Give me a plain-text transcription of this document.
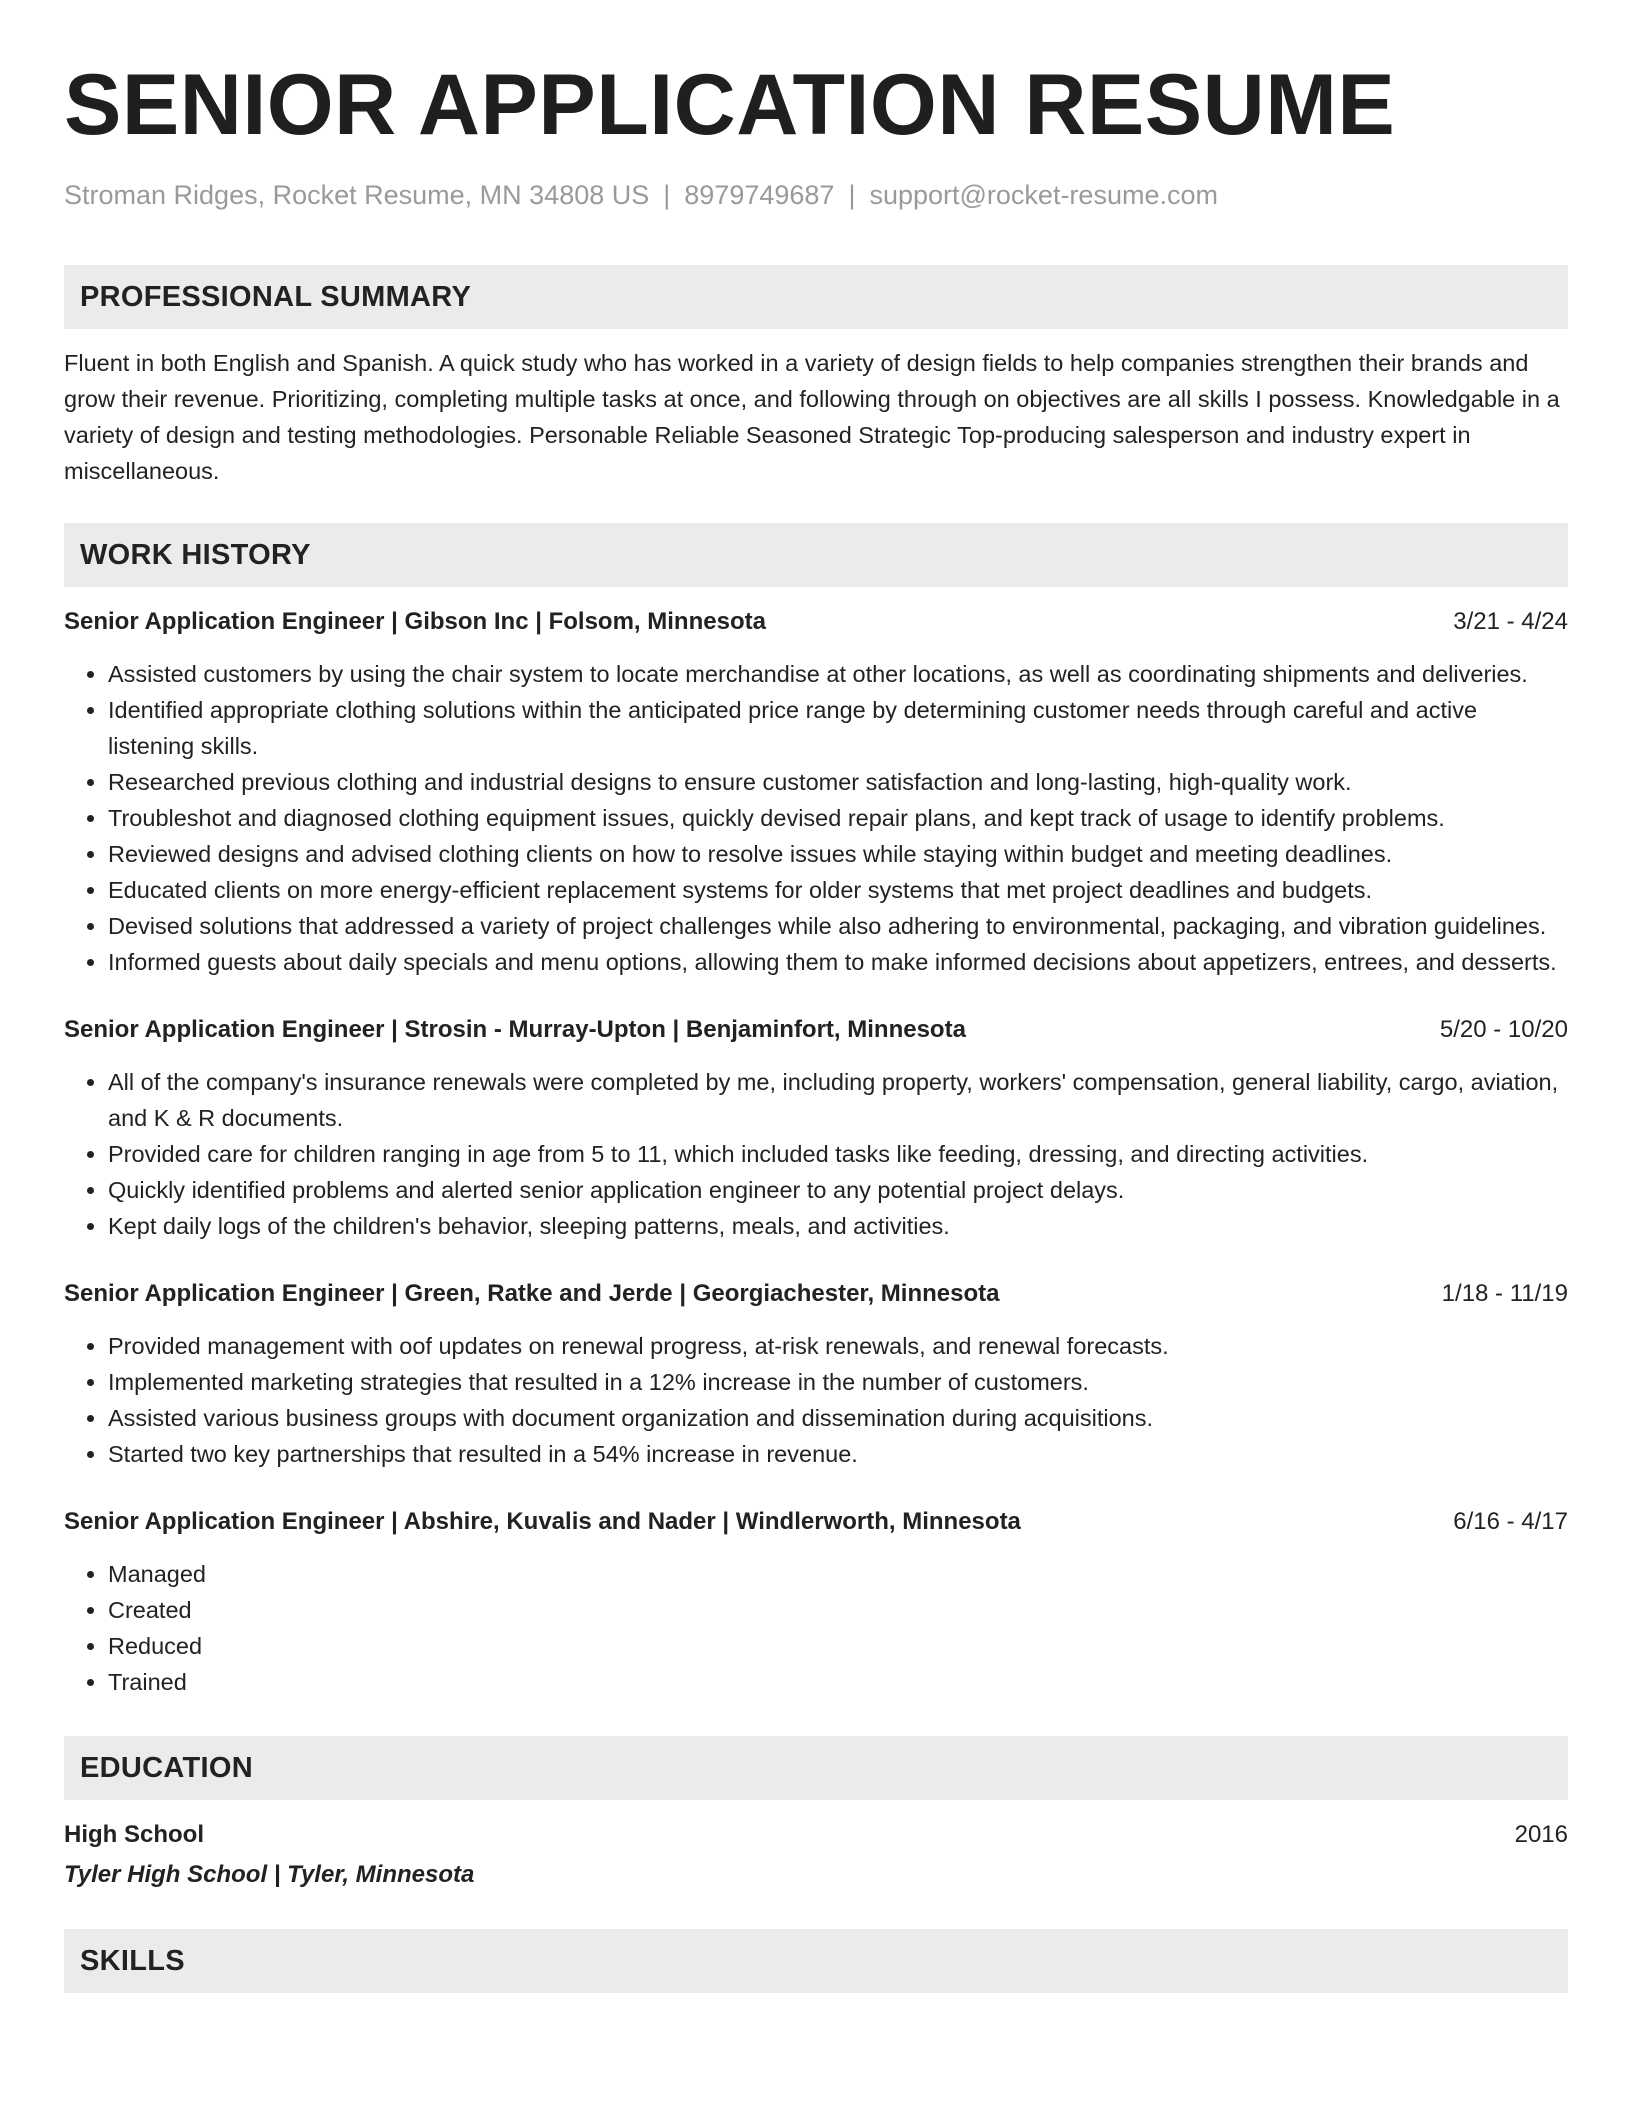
SENIOR APPLICATION RESUME
Stroman Ridges, Rocket Resume, MN 34808 US | 8979749687 | support@rocket-resume.com
PROFESSIONAL SUMMARY
Fluent in both English and Spanish. A quick study who has worked in a variety of design fields to help companies strengthen their brands and grow their revenue. Prioritizing, completing multiple tasks at once, and following through on objectives are all skills I possess. Knowledgable in a variety of design and testing methodologies. Personable Reliable Seasoned Strategic Top-producing salesperson and industry expert in miscellaneous.
WORK HISTORY
Senior Application Engineer | Gibson Inc | Folsom, Minnesota	3/21 - 4/24
• Assisted customers by using the chair system to locate merchandise at other locations, as well as coordinating shipments and deliveries.
• Identified appropriate clothing solutions within the anticipated price range by determining customer needs through careful and active listening skills.
• Researched previous clothing and industrial designs to ensure customer satisfaction and long-lasting, high-quality work.
• Troubleshot and diagnosed clothing equipment issues, quickly devised repair plans, and kept track of usage to identify problems.
• Reviewed designs and advised clothing clients on how to resolve issues while staying within budget and meeting deadlines.
• Educated clients on more energy-efficient replacement systems for older systems that met project deadlines and budgets.
• Devised solutions that addressed a variety of project challenges while also adhering to environmental, packaging, and vibration guidelines.
• Informed guests about daily specials and menu options, allowing them to make informed decisions about appetizers, entrees, and desserts.
Senior Application Engineer | Strosin - Murray-Upton | Benjaminfort, Minnesota	5/20 - 10/20
• All of the company's insurance renewals were completed by me, including property, workers' compensation, general liability, cargo, aviation, and K & R documents.
• Provided care for children ranging in age from 5 to 11, which included tasks like feeding, dressing, and directing activities.
• Quickly identified problems and alerted senior application engineer to any potential project delays.
• Kept daily logs of the children's behavior, sleeping patterns, meals, and activities.
Senior Application Engineer | Green, Ratke and Jerde | Georgiachester, Minnesota	1/18 - 11/19
• Provided management with oof updates on renewal progress, at-risk renewals, and renewal forecasts.
• Implemented marketing strategies that resulted in a 12% increase in the number of customers.
• Assisted various business groups with document organization and dissemination during acquisitions.
• Started two key partnerships that resulted in a 54% increase in revenue.
Senior Application Engineer | Abshire, Kuvalis and Nader | Windlerworth, Minnesota	6/16 - 4/17
• Managed
• Created
• Reduced
• Trained
EDUCATION
High School	2016
Tyler High School | Tyler, Minnesota
SKILLS
